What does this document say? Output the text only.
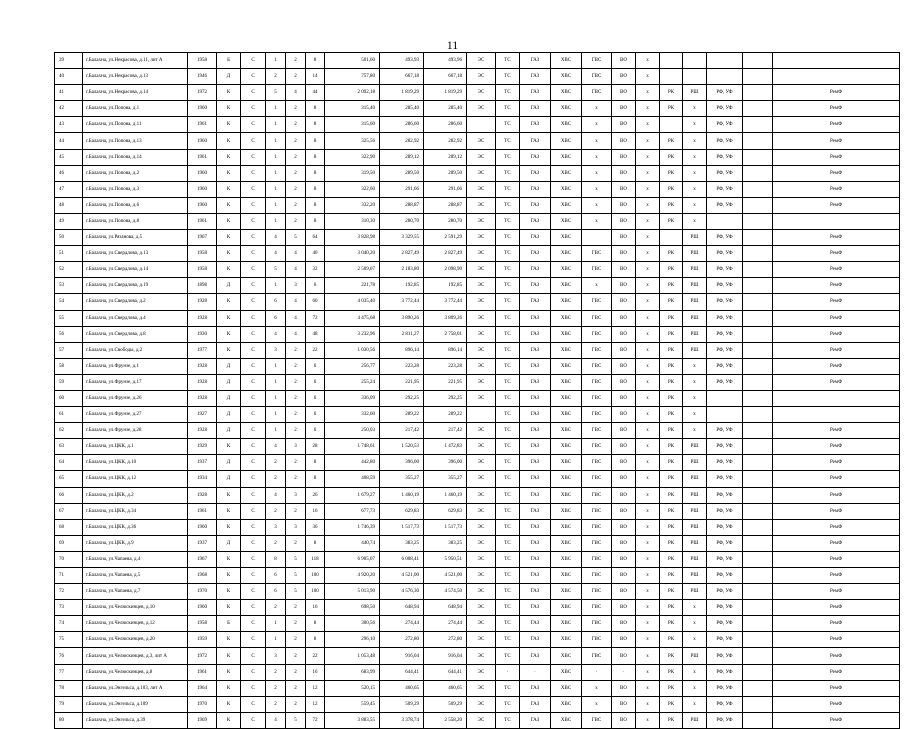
11
39	г.Балахна, ул.Некрасова, д.11, лит А	1958	Б	С	1	2	8	501,60	493,93	493,96	ЭС	ТС	ГАЗ	ХВС	ГВС	ВО	х					
40	г.Балахна, ул.Некрасова, д.13	1946	Д	С	2	2	14	757,80	667,18	667,18	ЭС	ТС	ГАЗ	ХВС	ГВС	ВО	х					
41	г.Балахна, ул.Некрасова, д.14	1972	К	С	5	4	44	2 092,18	1 819,29	1 819,29	ЭС	ТС	ГАЗ	ХВС	ГВС	ВО	х	РК	РШ	РФ, УФ		РемФ
42	г.Балахна, ул.Попова, д.1	1960	К	С	1	2	8	315,40	285,40	285,40	ЭС	ТС	ГАЗ	ХВС	х	ВО	х	РК	х	РФ, УФ		РемФ
43	г.Балахна, ул.Попова, д.11	1961	К	С	1	2	8	315,60	286,60	286,60		ТС	ГАЗ	ХВС	х	ВО	х		х	РФ, УФ		РемФ
44	г.Балахна, ул.Попова, д.13	1960	К	С	1	2	8	325,56	282,92	282,92	ЭС	ТС	ГАЗ	ХВС	х	ВО	х	РК	х	РФ, УФ		РемФ
45	г.Балахна, ул.Попова, д.14	1961	К	С	1	2	8	322,90	289,12	289,12	ЭС	ТС	ГАЗ	ХВС	х	ВО	х	РК	х	РФ, УФ		РемФ
46	г.Балахна, ул.Попова, д.2	1960	К	С	1	2	8	319,50	289,50	289,50	ЭС	ТС	ГАЗ	ХВС	х	ВО	х	РК	х	РФ, УФ		РемФ
47	г.Балахна, ул.Попова, д.3	1960	К	С	1	2	8	322,60	291,66	291,66	ЭС	ТС	ГАЗ	ХВС	х	ВО	х	РК	х	РФ, УФ		РемФ
48	г.Балахна, ул.Попова, д.6	1960	К	С	1	2	8	332,20	288,87	288,87	ЭС	ТС	ГАЗ	ХВС	х	ВО	х	РК	х	РФ, УФ		РемФ
49	г.Балахна, ул.Попова, д.8	1961	К	С	1	2	8	310,30	280,70	280,70	ЭС	ТС	ГАЗ	ХВС	х	ВО	х	РК	х			
50	г.Балахна, ул.Рязанова, д.5	1967	К	С	4	5	64	3 828,98	3 329,55	2 591,29	ЭС	ТС	ГАЗ	ХВС		ВО	х		РШ	РФ, УФ		РемФ
51	г.Балахна, ул.Свердлова, д.13	1958	К	С	4	4	40	3 040,20	2 827,49	2 827,49	ЭС	ТС	ГАЗ	ХВС	ГВС	ВО	х	РК	РШ	РФ, УФ		РемФ
52	г.Балахна, ул.Свердлова, д.14	1958	К	С	5	4	32	2 509,07	2 183,80	2 098,90	ЭС	ТС	ГАЗ	ХВС	ГВС	ВО	х	РК	РШ	РФ, УФ		РемФ
53	г.Балахна, ул.Свердлова, д.19	1898	Д	С	1	3	6	221,78	192,85	192,85	ЭС	ТС	ГАЗ	ХВС	х	ВО	х	РК	РШ	РФ, УФ		РемФ
54	г.Балахна, ул.Свердлова, д.2	1928	К	С	6	4	60	4 035,40	3 772,44	3 772,44	ЭС	ТС	ГАЗ	ХВС	ГВС	ВО	х	РК	РШ	РФ, УФ		РемФ
55	г.Балахна, ул.Свердлова, д.4	1928	К	С	6	4	72	4 475,68	3 890,26	3 809,26	ЭС	ТС	ГАЗ	ХВС	ГВС	ВО	х	РК	РШ	РФ, УФ		РемФ
56	г.Балахна, ул.Свердлова, д.8	1930	К	С	4	4	48	3 232,96	2 811,27	2 758,01	ЭС	ТС	ГАЗ	ХВС	ГВС	ВО	х	РК	РШ	РФ, УФ		РемФ
57	г.Балахна, ул.Свободы, д.2	1977	К	С	3	2	22	1 030,56	896,14	896,14	ЭС	ТС	ГАЗ	ХВС	ГВС	ВО	х	РК	РШ	РФ, УФ		РемФ
58	г.Балахна, ул.Фрунзе, д.1	1928	Д	С	1	2	6	256,77	223,28	223,28	ЭС	ТС	ГАЗ	ХВС	ГВС	ВО	х	РК	х	РФ, УФ		РемФ
59	г.Балахна, ул.Фрунзе, д.17	1928	Д	С	1	2	6	255,24	221,95	221,95	ЭС	ТС	ГАЗ	ХВС	ГВС	ВО	х	РК	х	РФ, УФ		РемФ
60	г.Балахна, ул.Фрунзе, д.26	1928	Д	С	1	2	6	336,09	292,25	292,25	ЭС	ТС	ГАЗ	ХВС	ГВС	ВО	х	РК	х			
61	г.Балахна, ул.Фрунзе, д.27	1927	Д	С	1	2	6	332,60	289,22	289,22		ТС	ГАЗ	ХВС	ГВС	ВО	х	РК	х			
62	г.Балахна, ул.Фрунзе, д.28	1928	Д	С	1	2	6	250,03	217,42	217,42	ЭС	ТС	ГАЗ	ХВС	ГВС	ВО	х	РК	х	РФ, УФ		РемФ
63	г.Балахна, ул.ЦКК, д.1	1929	К	С	4	3	28	1 748,61	1 520,53	1 472,83	ЭС	ТС	ГАЗ	ХВС	ГВС	ВО	х	РК	РШ	РФ, УФ		РемФ
64	г.Балахна, ул.ЦКК, д.10	1937	Д	С	2	2	8	442,80	396,00	396,00	ЭС	ТС	ГАЗ	ХВС	ГВС	ВО	х	РК	РШ	РФ, УФ		РемФ
65	г.Балахна, ул.ЦКК, д.12	1934	Д	С	2	2	8	408,59	355,27	355,27	ЭС	ТС	ГАЗ	ХВС	ГВС	ВО	х	РК	РШ	РФ, УФ		РемФ
66	г.Балахна, ул.ЦКК, д.2	1928	К	С	4	3	26	1 679,27	1 460,19	1 460,19	ЭС	ТС	ГАЗ	ХВС	ГВС	ВО	х	РК	РШ	РФ, УФ		РемФ
67	г.Балахна, ул.ЦКК, д.34	1961	К	С	2	2	16	677,73	629,83	629,83	ЭС	ТС	ГАЗ	ХВС	ГВС	ВО	х	РК	РШ	РФ, УФ		РемФ
68	г.Балахна, ул.ЦКК, д.36	1960	К	С	3	3	36	1 746,39	1 517,73	1 517,73	ЭС	ТС	ГАЗ	ХВС	ГВС	ВО	х	РК	РШ	РФ, УФ		РемФ
69	г.Балахна, ул.ЦКК, д.9	1937	Д	С	2	2	8	440,74	383,25	383,25	ЭС	ТС	ГАЗ	ХВС	ГВС	ВО	х	РК	РШ	РФ, УФ		РемФ
70	г.Балахна, ул.Чапаева, д.4	1967	К	С	8	5	118	6 905,07	6 008,41	5 950,51	ЭС	ТС	ГАЗ	ХВС	ГВС	ВО	х	РК	РШ	РФ, УФ		РемФ
71	г.Балахна, ул.Чапаева, д.5	1968	К	С	6	5	100	4 920,20	4 521,00	4 521,00	ЭС	ТС	ГАЗ	ХВС	ГВС	ВО	х	РК	РШ	РФ, УФ		РемФ
72	г.Балахна, ул.Чапаева, д.7	1970	К	С	6	5	100	5 013,90	4 576,30	4 574,50	ЭС	ТС	ГАЗ	ХВС	ГВС	ВО	х	РК	РШ	РФ, УФ		РемФ
73	г.Балахна, ул.Челюскинцев, д.10	1960	К	С	2	2	16	698,50	648,94	648,94	ЭС	ТС	ГАЗ	ХВС	ГВС	ВО	х	РК	х	РФ, УФ		РемФ
74	г.Балахна, ул.Челюскинцев, д.12	1958	Б	С	1	2	8	300,56	274,44	274,44	ЭС	ТС	ГАЗ	ХВС	ГВС	ВО	х	РК	х	РФ, УФ		РемФ
75	г.Балахна, ул.Челюскинцев, д.20	1959	К	С	1	2	8	296,10	272,80	272,80	ЭС	ТС	ГАЗ	ХВС	ГВС	ВО	х	РК	х	РФ, УФ		РемФ
76	г.Балахна, ул.Челюскинцев, д.3, лит А	1972	К	С	3	2	22	1 053,48	916,04	916,04	ЭС	ТС	ГАЗ	ХВС	ГВС	ВО	х	РК	РШ	РФ, УФ		РемФ
77	г.Балахна, ул.Челюскинцев, д.8	1961	К	С	2	2	16	683,99	644,41	644,41	ЭС	·	·	ХВС	·	·	х	РК	х	РФ, УФ		РемФ
78	г.Балахна, ул.Энгельса, д.103, лит А	1964	К	С	2	2	12	520,15	460,65	460,65	ЭС	ТС	ГАЗ	ХВС	х	ВО	х	РК	х	РФ, УФ		РемФ
79	г.Балахна, ул.Энгельса, д.109	1970	К	С	2	2	12	559,45	509,29	509,29	ЭС	ТС	ГАЗ	ХВС	х	ВО	х	РК	х	РФ, УФ		РемФ
80	г.Балахна, ул.Энгельса, д.39	1969	К	С	4	5	72	3 883,55	3 378,74	2 558,20	ЭС	ТС	ГАЗ	ХВС	ГВС	ВО	х	РК	РШ	РФ, УФ		РемФ
